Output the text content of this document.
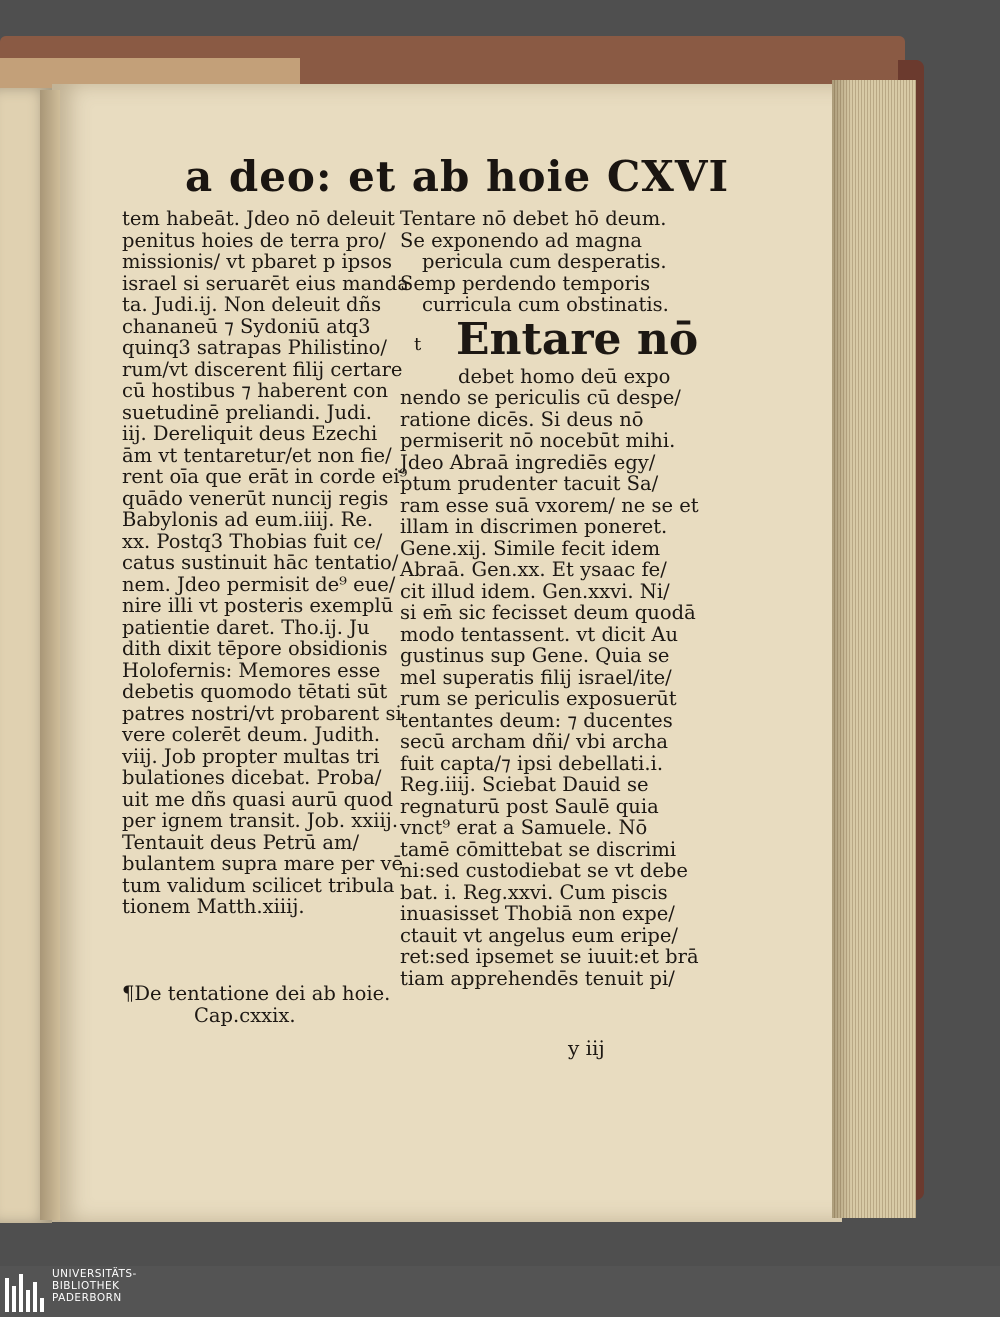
a deo: et ab hoie CXVI
tem habeāt. Jdeo nō deleuit
penitus hoies de terra pro/
missionis/ vt pbaret p ipsos
israel si seruarēt eius manda
ta. Judi.ij. Non deleuit dñs
chananeū ⁊ Sydoniū atq3
quinq3 satrapas Philistino/
rum/vt discerent filij certare
cū hostibus ⁊ haberent con
suetudinē preliandi. Judi.
iij. Dereliquit deus Ezechi
ām vt tentaretur/et non fie/
rent oīa que erāt in corde ei⁹
quādo venerūt nuncij regis
Babylonis ad eum.iiij. Re.
xx. Postq3 Thobias fuit ce/
catus sustinuit hāc tentatio/
nem. Jdeo permisit de⁹ eue/
nire illi vt posteris exemplū
patientie daret. Tho.ij. Ju
dith dixit tēpore obsidionis
Holofernis: Memores esse
debetis quomodo tētati sūt
patres nostri/vt probarent si
vere colerēt deum. Judith.
viij. Job propter multas tri
bulationes dicebat. Proba/
uit me dñs quasi aurū quod
per ignem transit. Job. xxiij.
Tentauit deus Petrū am/
bulantem supra mare per vē
tum validum scilicet tribula
tionem Matth.xiiij.
¶De tentatione dei ab hoie.
Cap.cxxix.
Tentare nō debet hō deum.
Se exponendo ad magna
pericula cum desperatis.
Semp perdendo temporis
curricula cum obstinatis.
t Entare nō
debet homo deū expo
nendo se periculis cū despe/
ratione dicēs. Si deus nō
permiserit nō nocebūt mihi.
Jdeo Abraā ingrediēs egy/
ptum prudenter tacuit Sa/
ram esse suā vxorem/ ne se et
illam in discrimen poneret.
Gene.xij. Simile fecit idem
Abraā. Gen.xx. Et ysaac fe/
cit illud idem. Gen.xxvi. Ni/
si em̄ sic fecisset deum quodā
modo tentassent. vt dicit Au
gustinus sup Gene. Quia se
mel superatis filij israel/ite/
rum se periculis exposuerūt
tentantes deum: ⁊ ducentes
secū archam dñi/ vbi archa
fuit capta/⁊ ipsi debellati.i.
Reg.iiij. Sciebat Dauid se
regnaturū post Saulē quia
vnct⁹ erat a Samuele. Nō
tamē cōmittebat se discrimi
ni:sed custodiebat se vt debe
bat. i. Reg.xxvi. Cum piscis
inuasisset Thobiā non expe/
ctauit vt angelus eum eripe/
ret:sed ipsemet se iuuit:et brā
tiam apprehendēs tenuit pi/
y iij
UNIVERSITÄTS-
BIBLIOTHEK
PADERBORN
